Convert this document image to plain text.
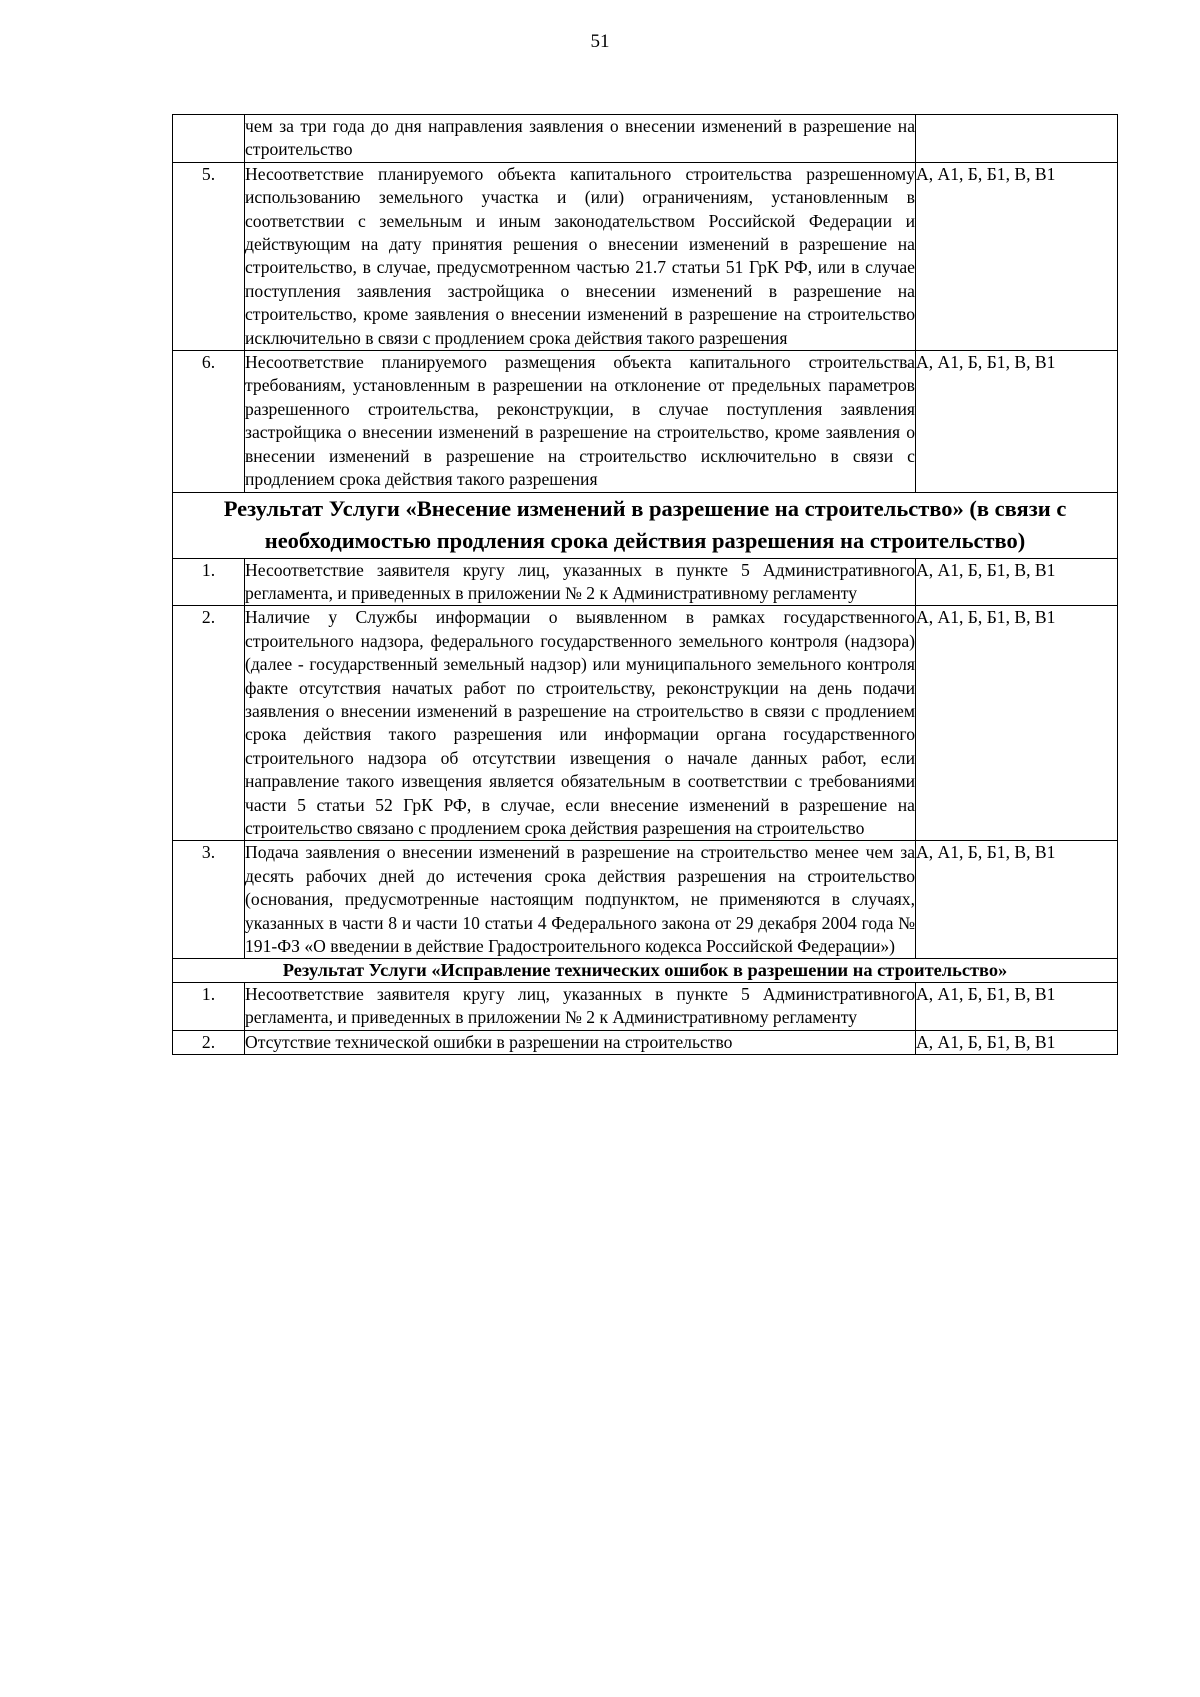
51
	чем за три года до дня направления заявления о внесении изменений в разрешение на строительство	
5.	Несоответствие планируемого объекта капитального строительства разрешенному использованию земельного участка и (или) ограничениям, установленным в соответствии с земельным и иным законодательством Российской Федерации и действующим на дату принятия решения о внесении изменений в разрешение на строительство, в случае, предусмотренном частью 21.7 статьи 51 ГрК РФ, или в случае поступления заявления застройщика о внесении изменений в разрешение на строительство, кроме заявления о внесении изменений в разрешение на строительство исключительно в связи с продлением срока действия такого разрешения	А, А1, Б, Б1, В, В1
6.	Несоответствие планируемого размещения объекта капитального строительства требованиям, установленным в разрешении на отклонение от предельных параметров разрешенного строительства, реконструкции, в случае поступления заявления застройщика о внесении изменений в разрешение на строительство, кроме заявления о внесении изменений в разрешение на строительство исключительно в связи с продлением срока действия такого разрешения	А, А1, Б, Б1, В, В1
Результат Услуги «Внесение изменений в разрешение на строительство» (в связи с необходимостью продления срока действия разрешения на строительство)		
1.	Несоответствие заявителя кругу лиц, указанных в пункте 5 Административного регламента, и приведенных в приложении № 2 к Административному регламенту	А, А1, Б, Б1, В, В1
2.	Наличие у Службы информации о выявленном в рамках государственного строительного надзора, федерального государственного земельного контроля (надзора) (далее - государственный земельный надзор) или муниципального земельного контроля факте отсутствия начатых работ по строительству, реконструкции на день подачи заявления о внесении изменений в разрешение на строительство в связи с продлением срока действия такого разрешения или информации органа государственного строительного надзора об отсутствии извещения о начале данных работ, если направление такого извещения является обязательным в соответствии с требованиями части 5 статьи 52 ГрК РФ, в случае, если внесение изменений в разрешение на строительство связано с продлением срока действия разрешения на строительство	А, А1, Б, Б1, В, В1
3.	Подача заявления о внесении изменений в разрешение на строительство менее чем за десять рабочих дней до истечения срока действия разрешения на строительство (основания, предусмотренные настоящим подпунктом, не применяются в случаях, указанных в части 8 и части 10 статьи 4 Федерального закона от 29 декабря 2004 года № 191-ФЗ «О введении в действие Градостроительного кодекса Российской Федерации»)	А, А1, Б, Б1, В, В1
Результат Услуги «Исправление технических ошибок в разрешении на строительство»		
1.	Несоответствие заявителя кругу лиц, указанных в пункте 5 Административного регламента, и приведенных в приложении № 2 к Административному регламенту	А, А1, Б, Б1, В, В1
2.	Отсутствие технической ошибки в разрешении на строительство	А, А1, Б, Б1, В, В1
